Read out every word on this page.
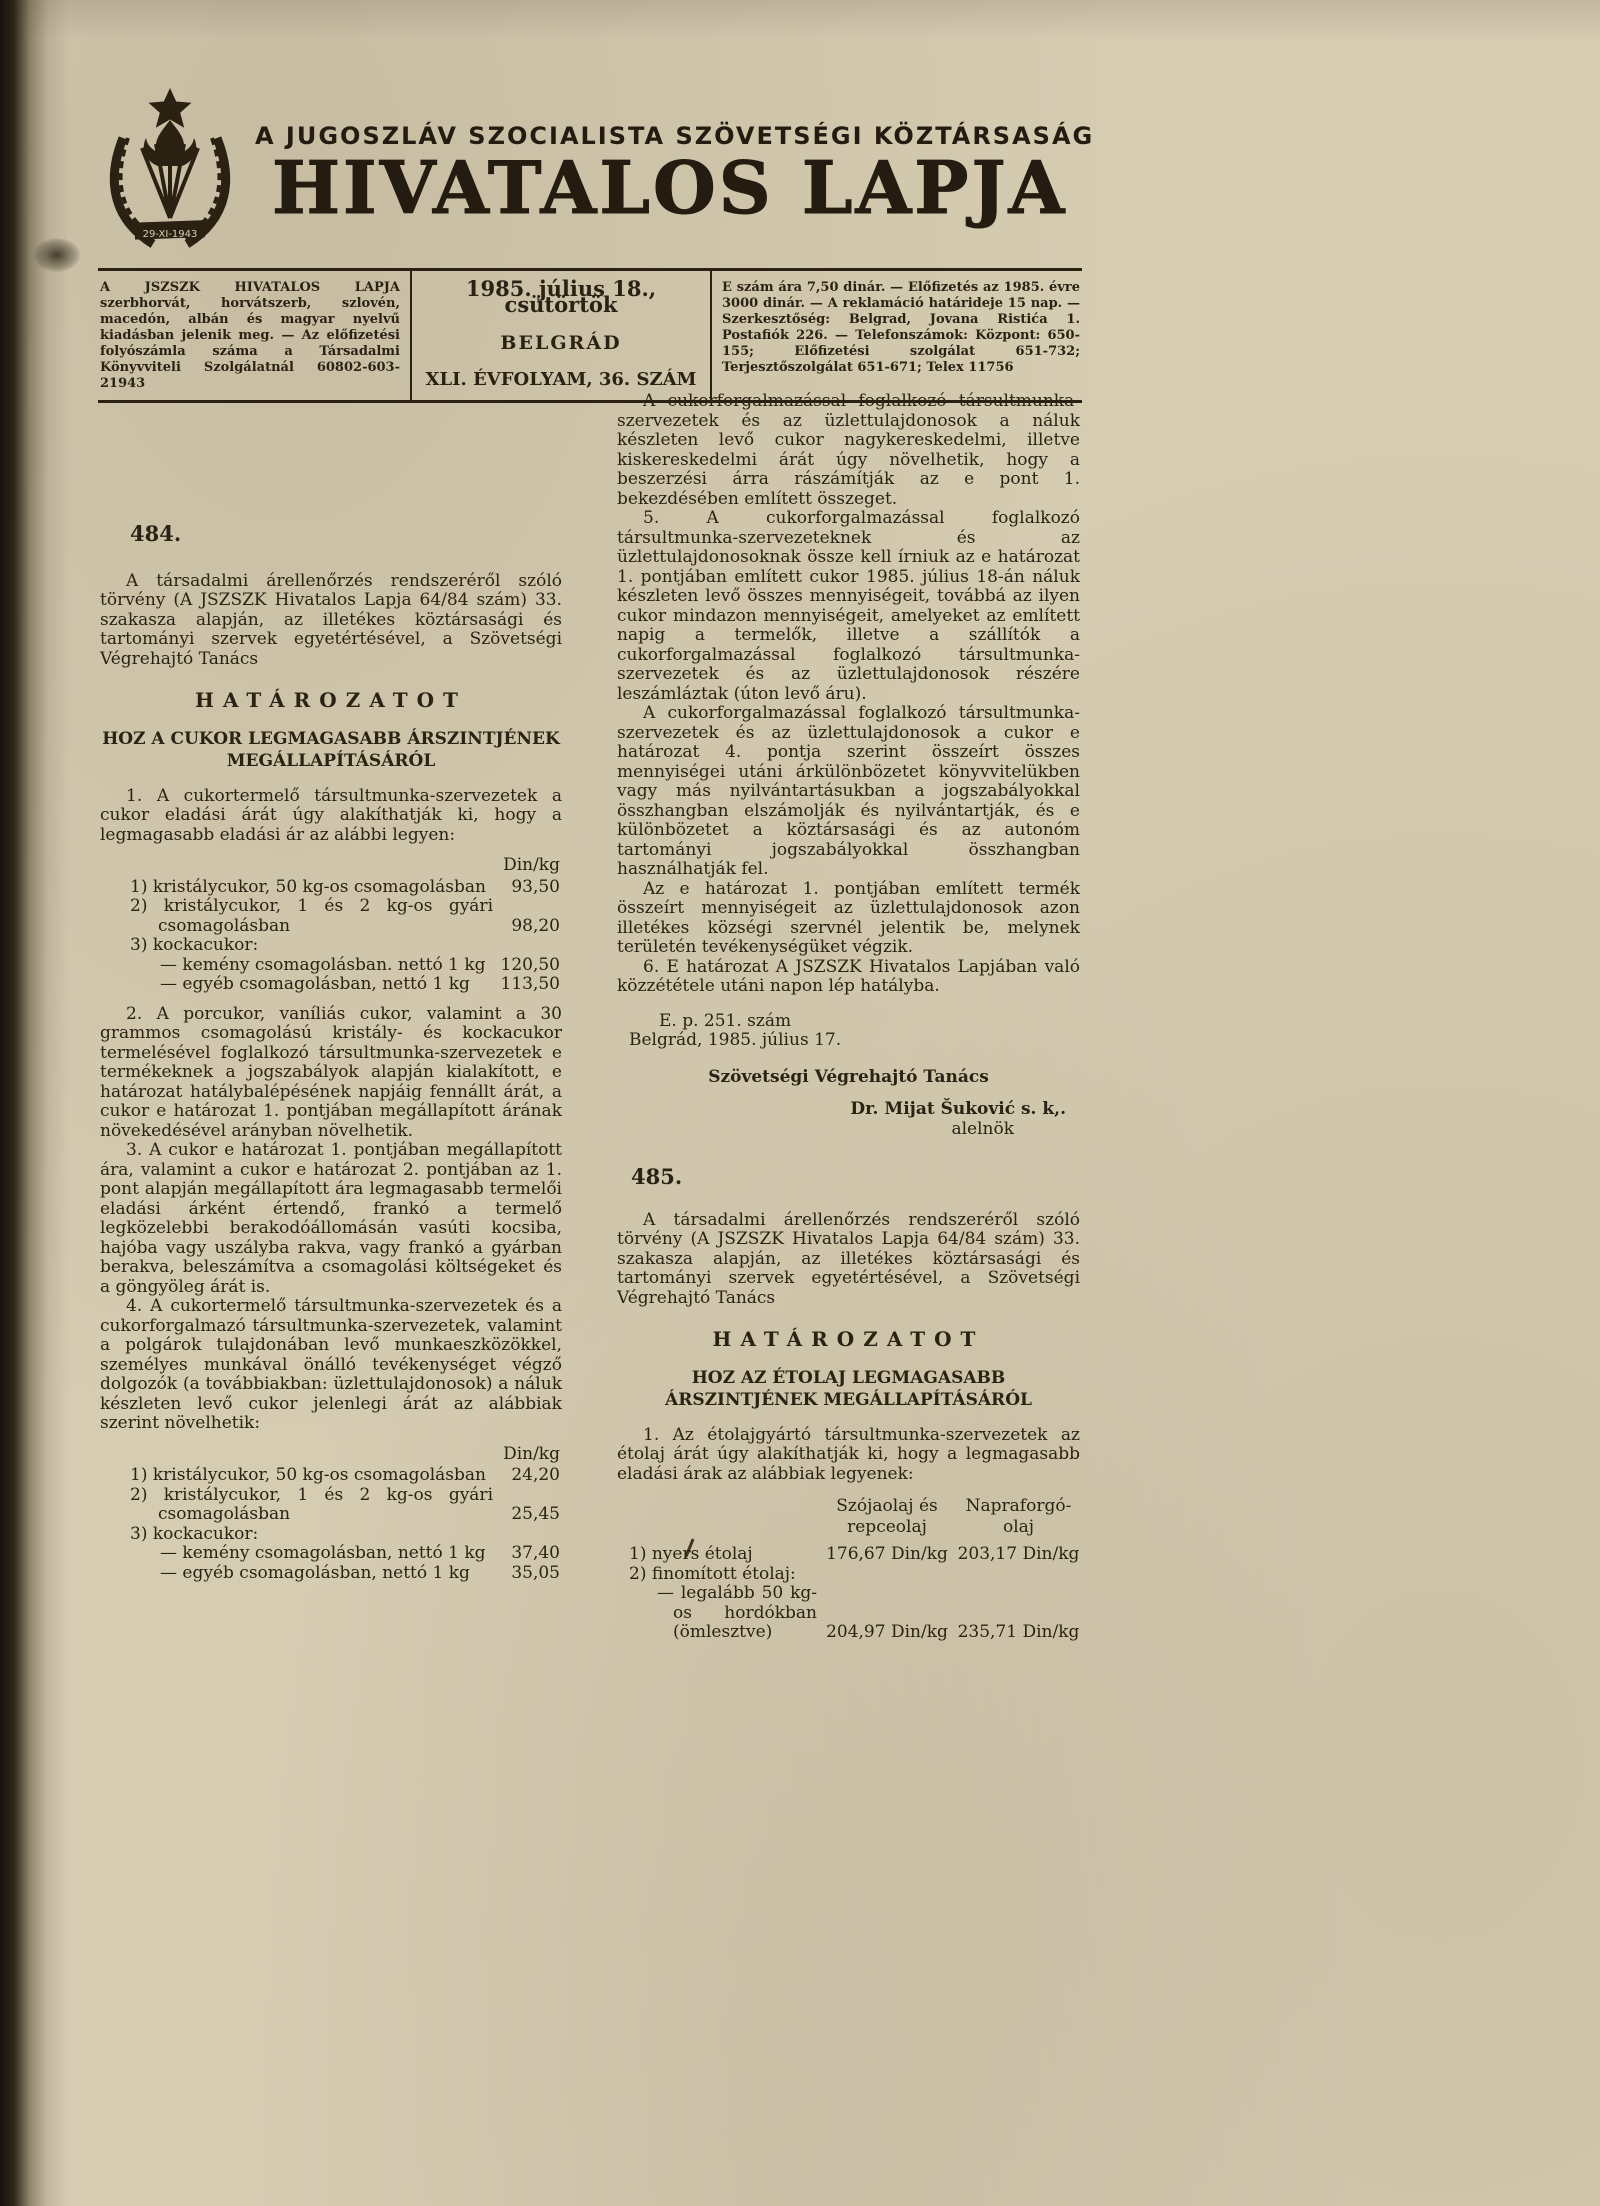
29-XI-1943
A JUGOSZLÁV SZOCIALISTA SZÖVETSÉGI KÖZTÁRSASÁG
HIVATALOS LAPJA
A JSZSZK HIVATALOS LAPJA szerbhorvát, horvátszerb, szlovén, macedón, albán és magyar nyelvű kiadásban jelenik meg. — Az előfizetési folyószámla száma a Társadalmi Könyvviteli Szolgálatnál 60802-603-21943
1985. július 18., csütörtök
BELGRÁD
XLI. ÉVFOLYAM, 36. SZÁM
E szám ára 7,50 dinár. — Előfizetés az 1985. évre 3000 dinár. — A reklamáció határideje 15 nap. — Szerkesztőség: Belgrad, Jovana Ristića 1. Postafiók 226. — Telefonszámok: Központ: 650-155; Előfizetési szolgálat 651-732; Terjesztőszolgálat 651-671; Telex 11756
484.

A társadalmi árellenőrzés rendszeréről szóló törvény (A JSZSZK Hivatalos Lapja 64/84 szám) 33. szakasza alapján, az illetékes köztársasági és tartományi szervek egyetértésével, a Szövetségi Végrehajtó Tanács

HATÁROZATOT
HOZ A CUKOR LEGMAGASABB ÁRSZINTJÉNEK MEGÁLLAPÍTÁSÁRÓL

1. A cukortermelő társultmunka-szervezetek a cukor eladási árát úgy alakíthatják ki, hogy a legmagasabb eladási ár az alábbi legyen:

Din/kg
1) kristálycukor, 50 kg-os csomagolásban	93,50
2) kristálycukor, 1 és 2 kg-os gyári csomagolásban	98,20
3) kockacukor:
— kemény csomagolásban. nettó 1 kg 120,50
— egyéb csomagolásban, nettó 1 kg 113,50

2. A porcukor, vaníliás cukor, valamint a 30 grammos csomagolású kristály- és kockacukor termelésével foglalkozó társultmunka-szervezetek e termékeknek a jogszabályok alapján kialakított, e határozat hatálybalépésének napjáig fennállt árát, a cukor e határozat 1. pontjában megállapított árának növekedésével arányban növelhetik.

3. A cukor e határozat 1. pontjában megállapított ára, valamint a cukor e határozat 2. pontjában az 1. pont alapján megállapított ára legmagasabb termelői eladási árként értendő, frankó a termelő legközelebbi berakodóállomásán vasúti kocsiba, hajóba vagy uszályba rakva, vagy frankó a gyárban berakva, beleszámítva a csomagolási költségeket és a göngyöleg árát is.

4. A cukortermelő társultmunka-szervezetek és a cukorforgalmazó társultmunka-szervezetek, valamint a polgárok tulajdonában levő munkaeszközökkel, személyes munkával önálló tevékenységet végző dolgozók (a továbbiakban: üzlettulajdonosok) a náluk készleten levő cukor jelenlegi árát az alábbiak szerint növelhetik:

Din/kg
1) kristálycukor, 50 kg-os csomagolásban	24,20
2) kristálycukor, 1 és 2 kg-os gyári csomagolásban	25,45
3) kockacukor:
— kemény csomagolásban, nettó 1 kg	37,40
— egyéb csomagolásban, nettó 1 kg	35,05

A cukorforgalmazással foglalkozó társultmunka-szervezetek és az üzlettulajdonosok a náluk készleten levő cukor nagykereskedelmi, illetve kiskereskedelmi árát úgy növelhetik, hogy a beszerzési árra rászámítják az e pont 1. bekezdésében említett összeget.

5. A cukorforgalmazással foglalkozó társultmunka-szervezeteknek és az üzlettulajdonosoknak össze kell írniuk az e határozat 1. pontjában említett cukor 1985. július 18-án náluk készleten levő összes mennyiségeit, továbbá az ilyen cukor mindazon mennyiségeit, amelyeket az említett napig a termelők, illetve a szállítók a cukorforgalmazással foglalkozó társultmunka-szervezetek és az üzlettulajdonosok részére leszámláztak (úton levő áru).

A cukorforgalmazással foglalkozó társultmunka-szervezetek és az üzlettulajdonosok a cukor e határozat 4. pontja szerint összeírt összes mennyiségei utáni árkülönbözetet könyvvitelükben vagy más nyilvántartásukban a jogszabályokkal összhangban elszámolják és nyilvántartják, és e különbözetet a köztársasági és az autonóm tartományi jogszabályokkal összhangban használhatják fel.

Az e határozat 1. pontjában említett termék összeírt mennyiségeit az üzlettulajdonosok azon illetékes községi szervnél jelentik be, melynek területén tevékenységüket végzik.

6. E határozat A JSZSZK Hivatalos Lapjában való közzététele utáni napon lép hatályba.

E. p. 251. szám
Belgrád, 1985. július 17.
Szövetségi Végrehajtó Tanács
Dr. Mijat Šuković s. k,.
alelnök
485.

A társadalmi árellenőrzés rendszeréről szóló törvény (A JSZSZK Hivatalos Lapja 64/84 szám) 33. szakasza alapján, az illetékes köztársasági és tartományi szervek egyetértésével, a Szövetségi Végrehajtó Tanács

HATÁROZATOT
HOZ AZ ÉTOLAJ LEGMAGASABB ÁRSZINTJÉNEK MEGÁLLAPÍTÁSÁRÓL

1. Az étolajgyártó társultmunka-szervezetek az étolaj árát úgy alakíthatják ki, hogy a legmagasabb eladási árak az alábbiak legyenek:

Szójaolaj és
repceolaj
Napraforgó-
olaj
1) nyers étolaj	176,67 Din/kg 203,17 Din/kg
2) finomított étolaj:
— legalább 50 kg-os hordókban (ömlesztve)	204,97 Din/kg 235,71 Din/kg
